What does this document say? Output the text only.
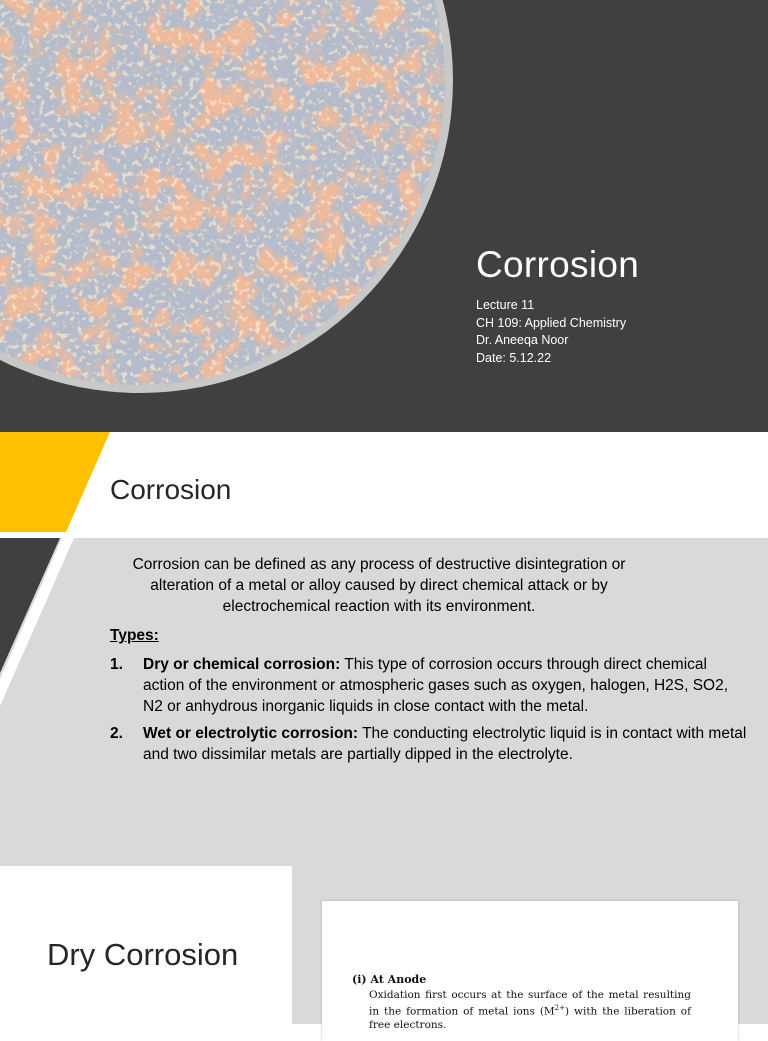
Corrosion
Lecture 11
CH 109: Applied Chemistry
Dr. Aneeqa Noor
Date: 5.12.22
Corrosion
Corrosion can be defined as any process of destructive disintegration or alteration of a metal or alloy caused by direct chemical attack or by electrochemical reaction with its environment.
Types:
1. Dry or chemical corrosion: This type of corrosion occurs through direct chemical action of the environment or atmospheric gases such as oxygen, halogen, H2S, SO2, N2 or anhydrous inorganic liquids in close contact with the metal.
2. Wet or electrolytic corrosion: The conducting electrolytic liquid is in contact with metal and two dissimilar metals are partially dipped in the electrolyte.
Dry Corrosion
(i) At Anode
Oxidation first occurs at the surface of the metal resulting in the formation of metal ions $(M^{2+})$ with the liberation of free electrons.
